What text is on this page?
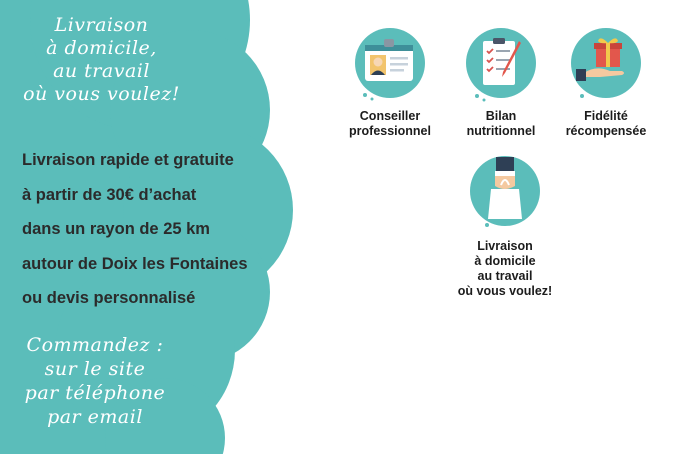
Livraison
à domicile,
au travail
où vous voulez!
Livraison rapide et gratuite
à partir de 30€ d’achat
dans un rayon de 25 km
autour de Doix les Fontaines
ou devis personnalisé
Commandez :
sur le site
par téléphone
par email
Conseiller
professionnel
Bilan
nutritionnel
Fidélité
récompensée
Livraison
à domicile
au travail
où vous voulez!
